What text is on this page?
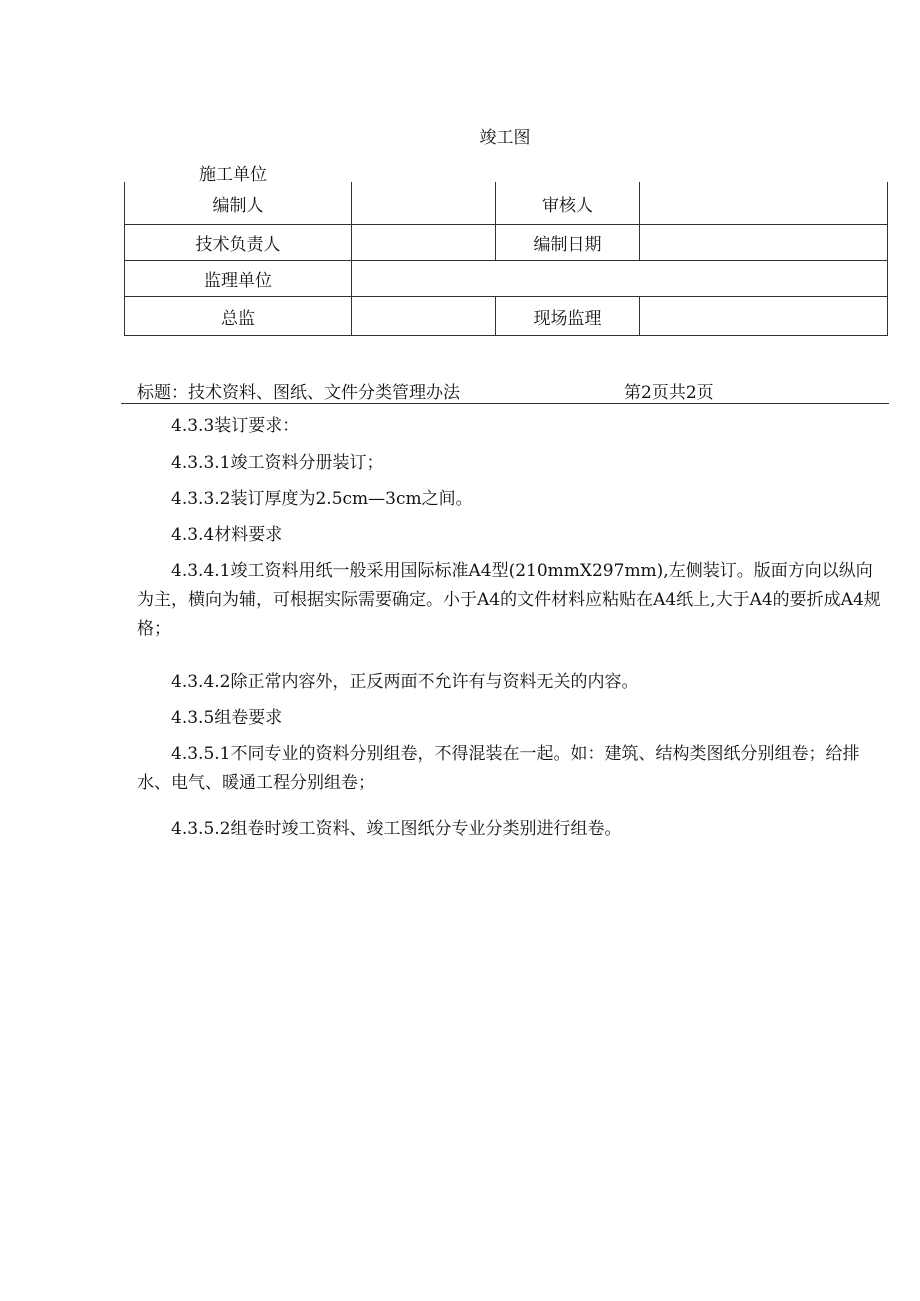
竣工图
施工单位
编制人		审核人	
技术负责人		编制日期	
监理单位			
总监		现场监理	
标题：技术资料、图纸、文件分类管理办法	第2页共2页

4.3.3装订要求：

4.3.3.1竣工资料分册装订；

4.3.3.2装订厚度为2.5cm—3cm之间。

4.3.4材料要求

4.3.4.1竣工资料用纸一般采用国际标准A4型(210mmX297mm),左侧装订。版面方向以纵向为主，横向为辅，可根据实际需要确定。小于A4的文件材料应粘贴在A4纸上,大于A4的要折成A4规格；

4.3.4.2除正常内容外，正反两面不允许有与资料无关的内容。

4.3.5组卷要求

4.3.5.1不同专业的资料分别组卷，不得混装在一起。如：建筑、结构类图纸分别组卷；给排水、电气、暖通工程分别组卷；

4.3.5.2组卷时竣工资料、竣工图纸分专业分类别进行组卷。
